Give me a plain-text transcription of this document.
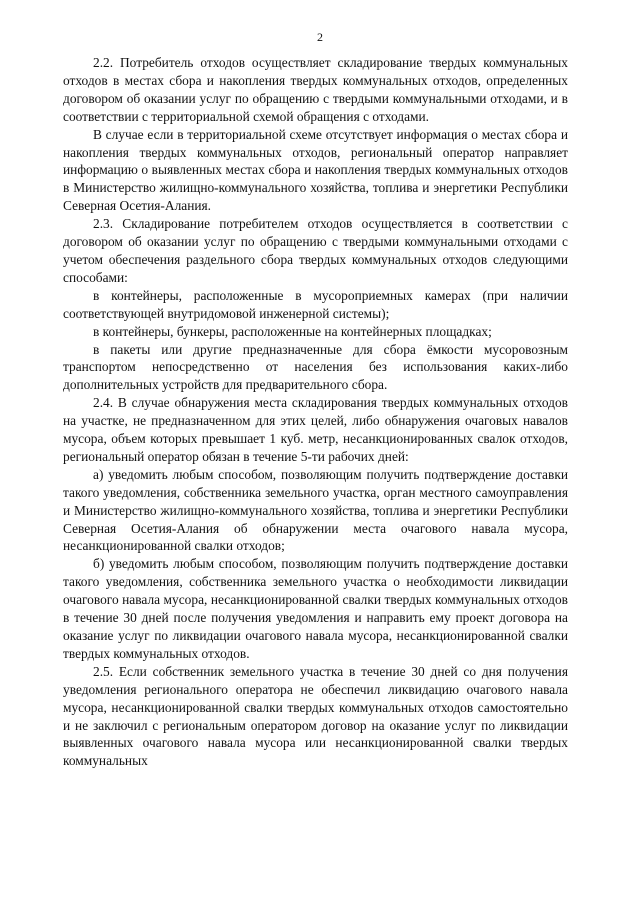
2

2.2. Потребитель отходов осуществляет складирование твердых коммунальных отходов в местах сбора и накопления твердых коммунальных отходов, определенных договором об оказании услуг по обращению с твердыми коммунальными отходами, и в соответствии с территориальной схемой обращения с отходами.

В случае если в территориальной схеме отсутствует информация о местах сбора и накопления твердых коммунальных отходов, региональный оператор направляет информацию о выявленных местах сбора и накопления твердых коммунальных отходов в Министерство жилищно-коммунального хозяйства, топлива и энергетики Республики Северная Осетия-Алания.

2.3. Складирование потребителем отходов осуществляется в соответствии с договором об оказании услуг по обращению с твердыми коммунальными отходами с учетом обеспечения раздельного сбора твердых коммунальных отходов следующими способами:

в контейнеры, расположенные в мусороприемных камерах (при наличии соответствующей внутридомовой инженерной системы);

в контейнеры, бункеры, расположенные на контейнерных площадках;

в пакеты или другие предназначенные для сбора ёмкости мусоровозным транспортом непосредственно от населения без использования каких-либо дополнительных устройств для предварительного сбора.

2.4. В случае обнаружения места складирования твердых коммунальных отходов на участке, не предназначенном для этих целей, либо обнаружения очаговых навалов мусора, объем которых превышает 1 куб. метр, несанкционированных свалок отходов, региональный оператор обязан в течение 5-ти рабочих дней:

а) уведомить любым способом, позволяющим получить подтверждение доставки такого уведомления, собственника земельного участка, орган местного самоуправления и Министерство жилищно-коммунального хозяйства, топлива и энергетики Республики Северная Осетия-Алания об обнаружении места очагового навала мусора, несанкционированной свалки отходов;

б) уведомить любым способом, позволяющим получить подтверждение доставки такого уведомления, собственника земельного участка о необходимости ликвидации очагового навала мусора, несанкционированной свалки твердых коммунальных отходов в течение 30 дней после получения уведомления и направить ему проект договора на оказание услуг по ликвидации очагового навала мусора, несанкционированной свалки твердых коммунальных отходов.

2.5. Если собственник земельного участка в течение 30 дней со дня получения уведомления регионального оператора не обеспечил ликвидацию очагового навала мусора, несанкционированной свалки твердых коммунальных отходов самостоятельно и не заключил с региональным оператором договор на оказание услуг по ликвидации выявленных очагового навала мусора или несанкционированной свалки твердых коммунальных
